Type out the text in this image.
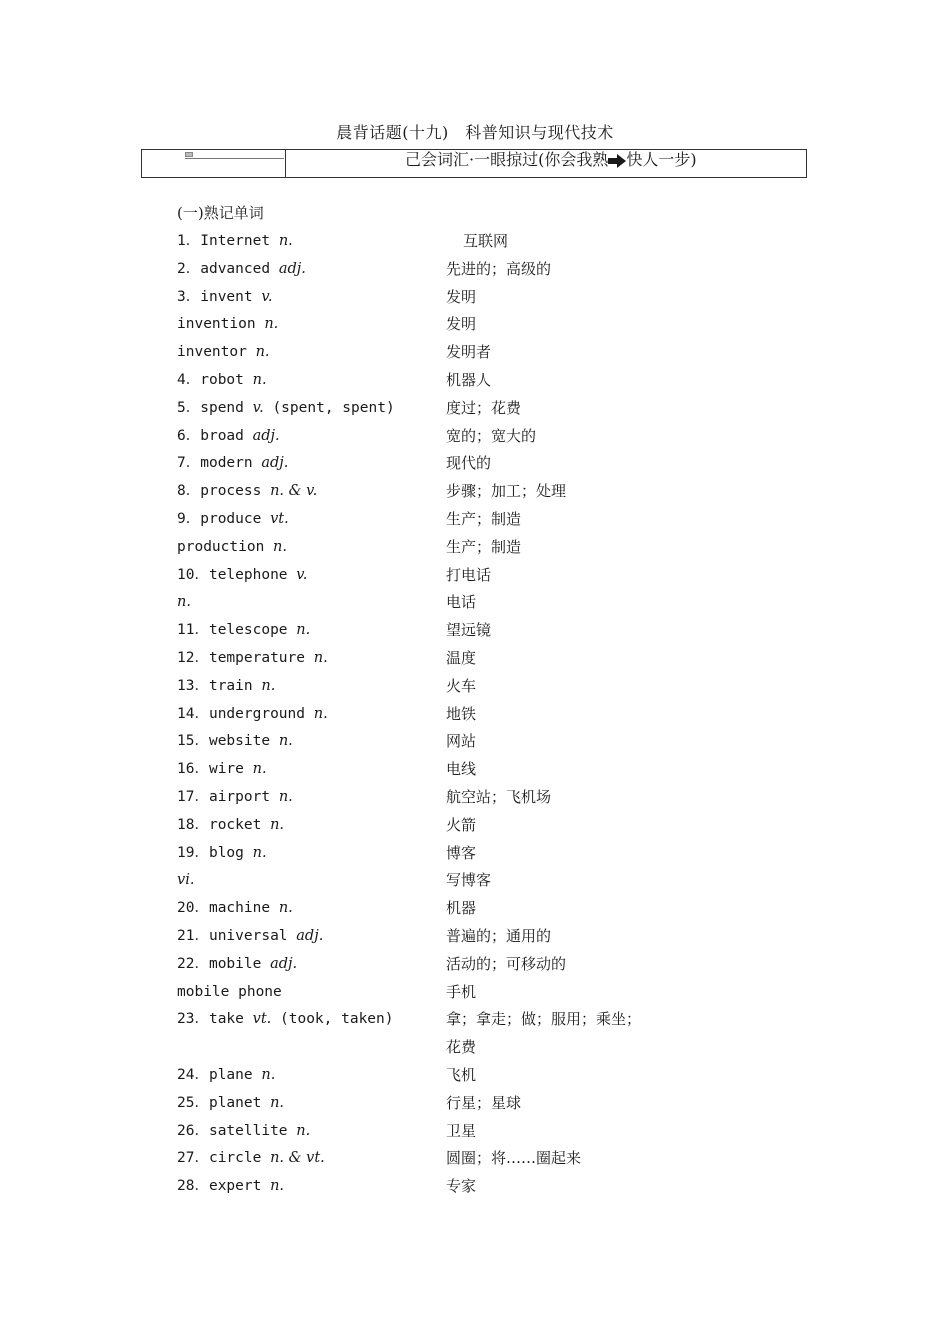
晨背话题(十九)　科普知识与现代技术
己会词汇·一眼掠过(你会我熟 快人一步)
(一)熟记单词
1．Internet n.	互联网
2．advanced adj.	先进的；高级的
3．invent v.	发明
invention n.	发明
inventor n.	发明者
4．robot n.	机器人
5．spend v. (spent, spent)	度过；花费
6．broad adj.	宽的；宽大的
7．modern adj.	现代的
8．process n. & v.	步骤；加工；处理
9．produce vt.	生产；制造
production n.	生产；制造
10．telephone v.	打电话
n.	电话
11．telescope n.	望远镜
12．temperature n.	温度
13．train n.	火车
14．underground n.	地铁
15．website n.	网站
16．wire n.	电线
17．airport n.	航空站；飞机场
18．rocket n.	火箭
19．blog n.	博客
vi.	写博客
20．machine n.	机器
21．universal adj.	普遍的；通用的
22．mobile adj.	活动的；可移动的
mobile phone	手机
23．take vt. (took, taken)	拿；拿走；做；服用；乘坐；
花费
24．plane n.	飞机
25．planet n.	行星；星球
26．satellite n.	卫星
27．circle n. & vt.	圆圈；将……圈起来
28．expert n.	专家
